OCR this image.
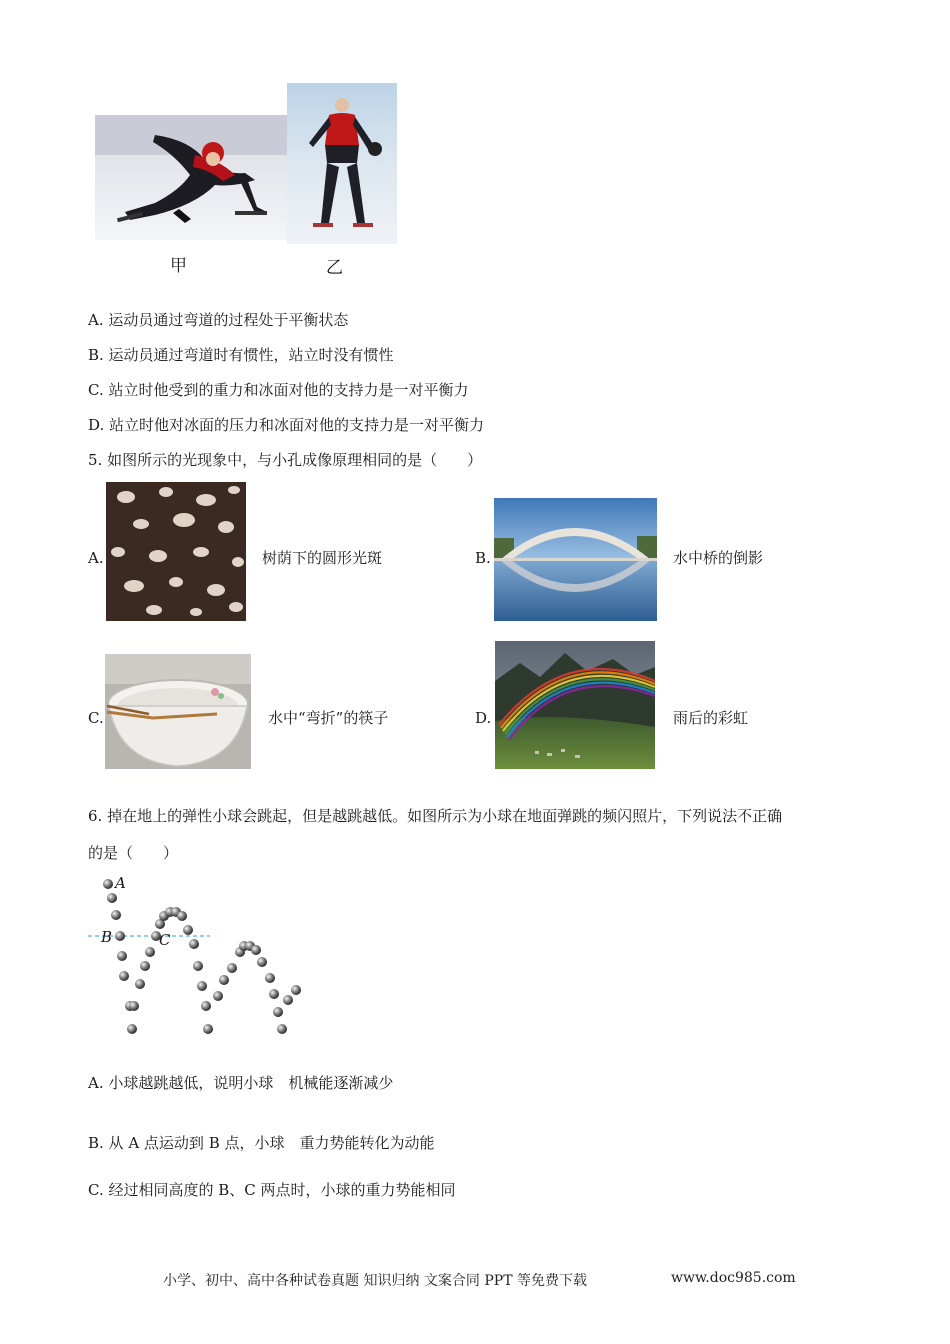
甲	乙
A. 运动员通过弯道的过程处于平衡状态
B. 运动员通过弯道时有惯性，站立时没有惯性
C. 站立时他受到的重力和冰面对他的支持力是一对平衡力
D. 站立时他对冰面的压力和冰面对他的支持力是一对平衡力
5. 如图所示的光现象中，与小孔成像原理相同的是（　　）
A.	树荫下的圆形光斑	B.	水中桥的倒影
C.	水中“弯折”的筷子	D.	雨后的彩虹
6. 掉在地上的弹性小球会跳起，但是越跳越低。如图所示为小球在地面弹跳的频闪照片，下列说法不正确
的是（　　）
A
B	C
A. 小球越跳越低，说明小球　机械能逐渐减少
B. 从 A 点运动到 B 点，小球　重力势能转化为动能
C. 经过相同高度的 B、C 两点时，小球的重力势能相同
小学、初中、高中各种试卷真题 知识归纳 文案合同 PPT 等免费下载	www.doc985.com
